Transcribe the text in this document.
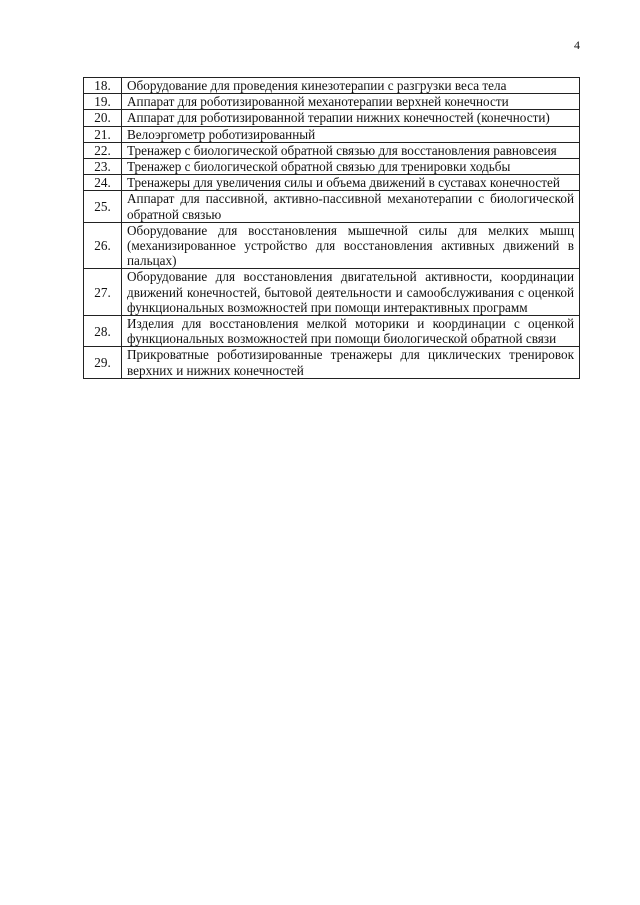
4
18.	Оборудование для проведения кинезотерапии с разгрузки веса тела
19.	Аппарат для роботизированной механотерапии верхней конечности
20.	Аппарат для роботизированной терапии нижних конечностей (конечности)
21.	Велоэргометр роботизированный
22.	Тренажер с биологической обратной связью для восстановления равновсеия
23.	Тренажер с биологической обратной связью для тренировки ходьбы
24.	Тренажеры для увеличения силы и объема движений в суставах конечностей
25.	Аппарат для пассивной, активно-пассивной механотерапии с биологической обратной связью
26.	Оборудование для восстановления мышечной силы для мелких мышц (механизированное устройство для восстановления активных движений в пальцах)
27.	Оборудование для восстановления двигательной активности, координации движений конечностей, бытовой деятельности и самообслуживания с оценкой функциональных возможностей при помощи интерактивных программ
28.	Изделия для восстановления мелкой моторики и координации с оценкой функциональных возможностей при помощи биологической обратной связи
29.	Прикроватные роботизированные тренажеры для циклических тренировок верхних и нижних конечностей
